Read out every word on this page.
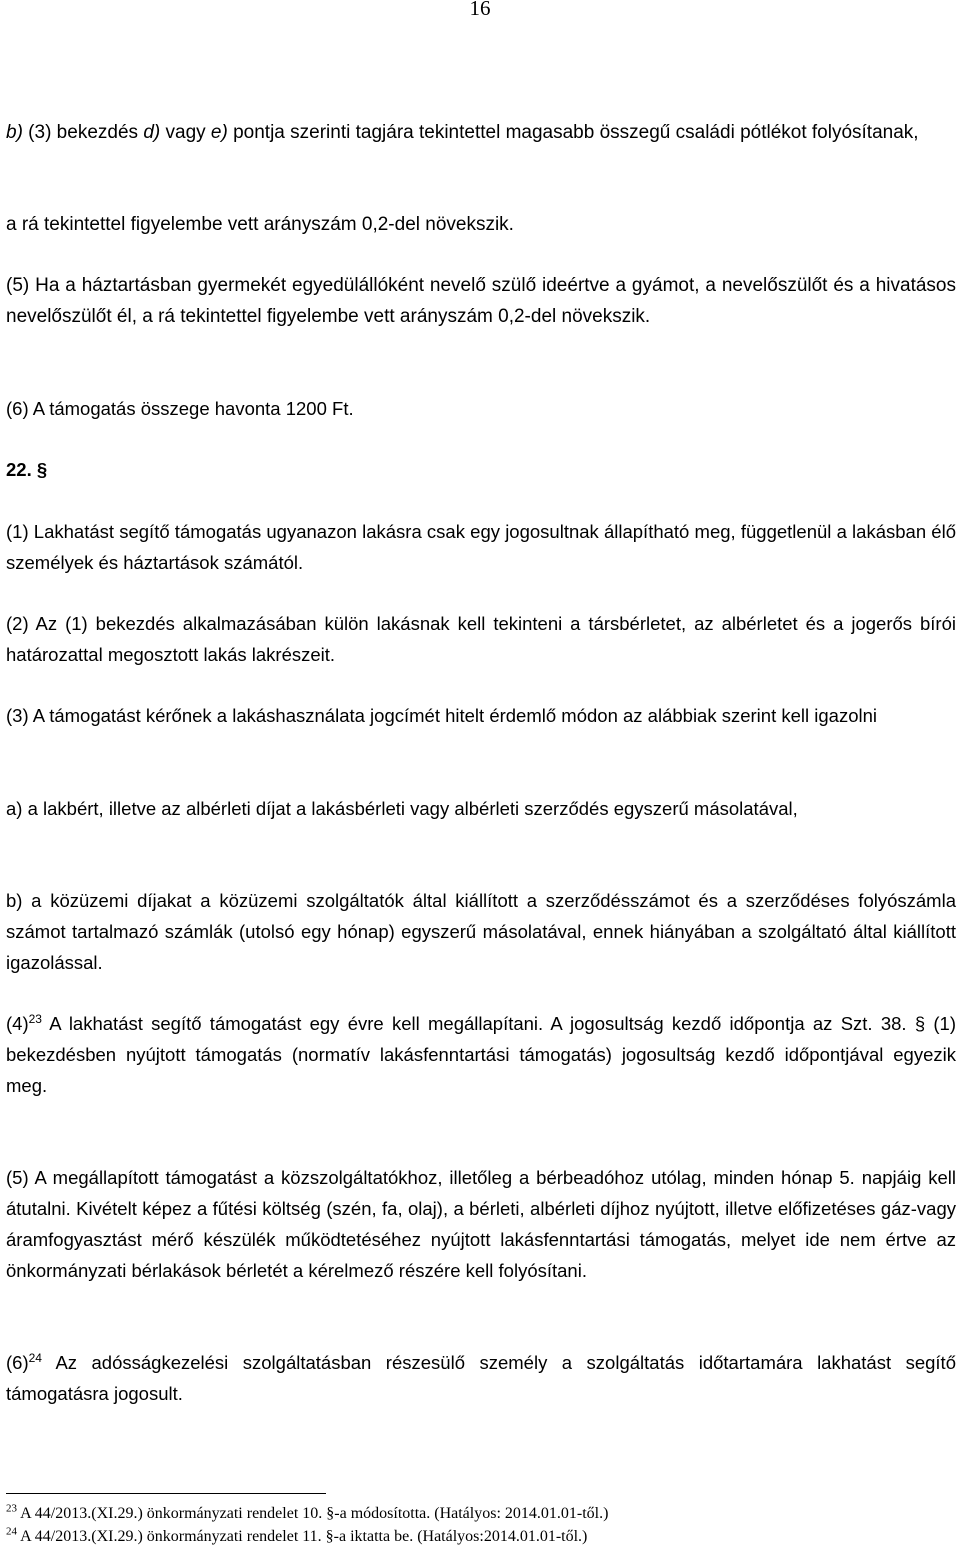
16

b) (3) bekezdés d) vagy e) pontja szerinti tagjára tekintettel magasabb összegű családi pótlékot folyósítanak,

a rá tekintettel figyelembe vett arányszám 0,2-del növekszik.

(5) Ha a háztartásban gyermekét egyedülállóként nevelő szülő ideértve a gyámot, a nevelőszülőt és a hivatásos nevelőszülőt él, a rá tekintettel figyelembe vett arányszám 0,2-del növekszik.

(6) A támogatás összege havonta 1200 Ft.

22. §

(1) Lakhatást segítő támogatás ugyanazon lakásra csak egy jogosultnak állapítható meg, függetlenül a lakásban élő személyek és háztartások számától.

(2) Az (1) bekezdés alkalmazásában külön lakásnak kell tekinteni a társbérletet, az albérletet és a jogerős bírói határozattal megosztott lakás lakrészeit.

(3) A támogatást kérőnek a lakáshasználata jogcímét hitelt érdemlő módon az alábbiak szerint kell igazolni

a) a lakbért, illetve az albérleti díjat a lakásbérleti vagy albérleti szerződés egyszerű másolatával,

b) a közüzemi díjakat a közüzemi szolgáltatók által kiállított a szerződésszámot és a szerződéses folyószámla számot tartalmazó számlák (utolsó egy hónap) egyszerű másolatával, ennek hiányában a szolgáltató által kiállított igazolással.

$(4)^{23}$ A lakhatást segítő támogatást egy évre kell megállapítani. A jogosultság kezdő időpontja az Szt. 38. § (1) bekezdésben nyújtott támogatás (normatív lakásfenntartási támogatás) jogosultság kezdő időpontjával egyezik meg.

(5) A megállapított támogatást a közszolgáltatókhoz, illetőleg a bérbeadóhoz utólag, minden hónap 5. napjáig kell átutalni. Kivételt képez a fűtési költség (szén, fa, olaj), a bérleti, albérleti díjhoz nyújtott, illetve előfizetéses gáz-vagy áramfogyasztást mérő készülék működtetéséhez nyújtott lakásfenntartási támogatás, melyet ide nem értve az önkormányzati bérlakások bérletét a kérelmező részére kell folyósítani.

$(6)^{24}$ Az adósságkezelési szolgáltatásban részesülő személy a szolgáltatás időtartamára lakhatást segítő támogatásra jogosult.

$^{23}$ A 44/2013.(XI.29.) önkormányzati rendelet 10. §-a módosította. (Hatályos: 2014.01.01-től.)

$^{24}$ A 44/2013.(XI.29.) önkormányzati rendelet 11. §-a iktatta be. (Hatályos:2014.01.01-től.)
